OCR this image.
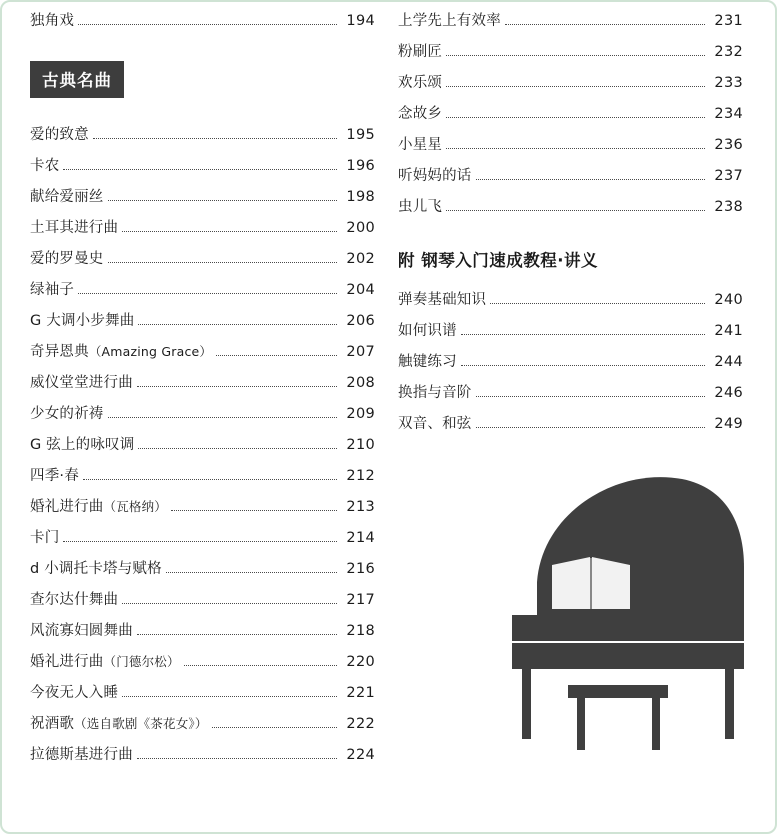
独角戏	194
古典名曲
爱的致意	195
卡农	196
献给爱丽丝	198
土耳其进行曲	200
爱的罗曼史	202
绿袖子	204
G 大调小步舞曲	206
奇异恩典（Amazing Grace）	207
威仪堂堂进行曲	208
少女的祈祷	209
G 弦上的咏叹调	210
四季·春	212
婚礼进行曲（瓦格纳）	213
卡门	214
d 小调托卡塔与赋格	216
查尔达什舞曲	217
风流寡妇圆舞曲	218
婚礼进行曲（门德尔松）	220
今夜无人入睡	221
祝酒歌（选自歌剧《茶花女》）	222
拉德斯基进行曲	224
上学先上有效率	231
粉刷匠	232
欢乐颂	233
念故乡	234
小星星	236
听妈妈的话	237
虫儿飞	238
附 钢琴入门速成教程·讲义
弹奏基础知识	240
如何识谱	241
触键练习	244
换指与音阶	246
双音、和弦	249
